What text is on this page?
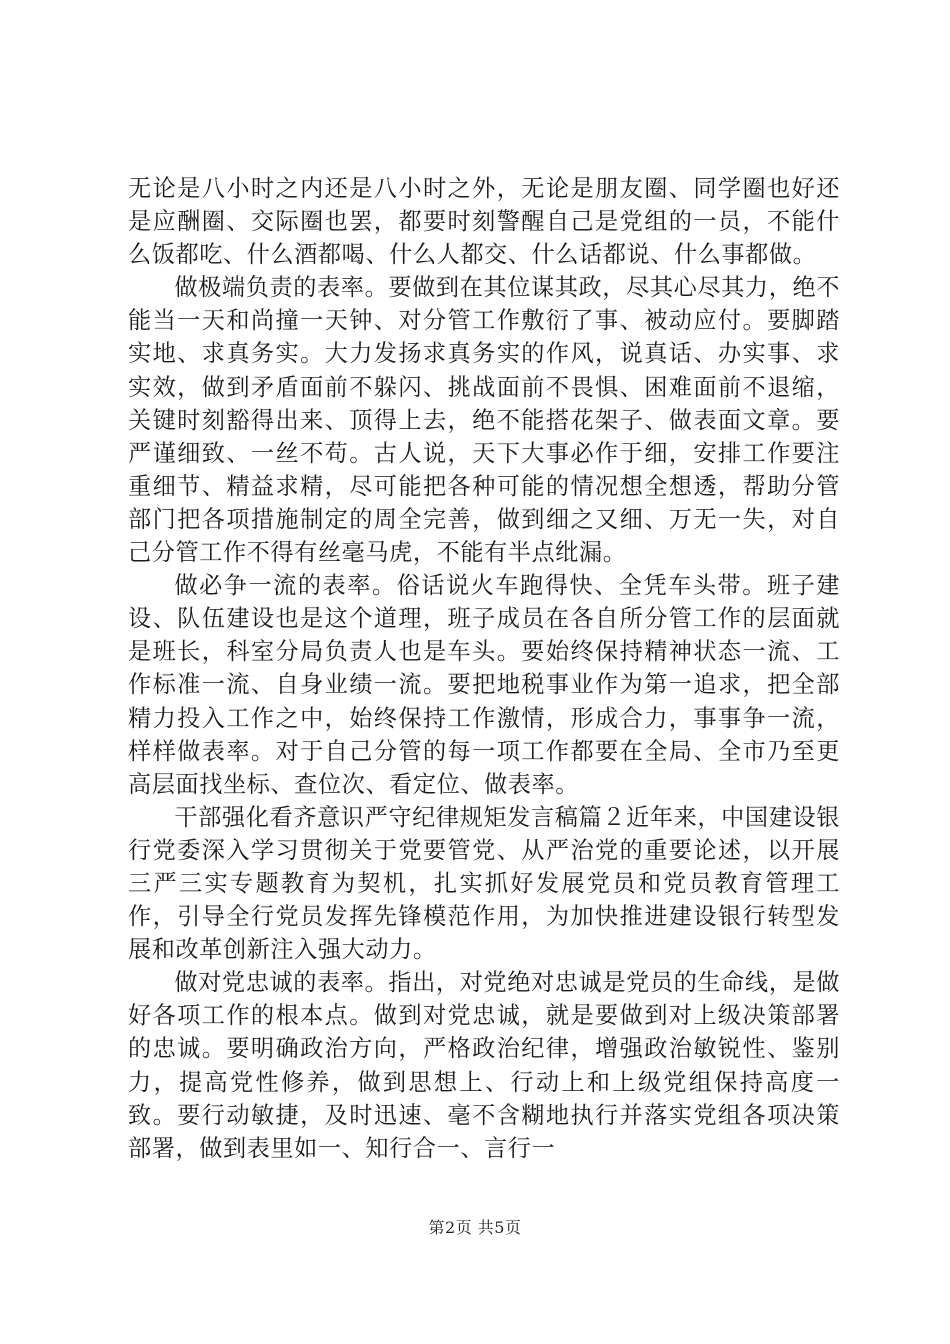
无论是八小时之内还是八小时之外，无论是朋友圈、同学圈也好还是应酬圈、交际圈也罢，都要时刻警醒自己是党组的一员，不能什么饭都吃、什么酒都喝、什么人都交、什么话都说、什么事都做。

做极端负责的表率。要做到在其位谋其政，尽其心尽其力，绝不能当一天和尚撞一天钟、对分管工作敷衍了事、被动应付。要脚踏实地、求真务实。大力发扬求真务实的作风，说真话、办实事、求实效，做到矛盾面前不躲闪、挑战面前不畏惧、困难面前不退缩，关键时刻豁得出来、顶得上去，绝不能搭花架子、做表面文章。要严谨细致、一丝不苟。古人说，天下大事必作于细，安排工作要注重细节、精益求精，尽可能把各种可能的情况想全想透，帮助分管部门把各项措施制定的周全完善，做到细之又细、万无一失，对自己分管工作不得有丝毫马虎，不能有半点纰漏。

做必争一流的表率。俗话说火车跑得快、全凭车头带。班子建设、队伍建设也是这个道理，班子成员在各自所分管工作的层面就是班长，科室分局负责人也是车头。要始终保持精神状态一流、工作标准一流、自身业绩一流。要把地税事业作为第一追求，把全部精力投入工作之中，始终保持工作激情，形成合力，事事争一流，样样做表率。对于自己分管的每一项工作都要在全局、全市乃至更高层面找坐标、查位次、看定位、做表率。

干部强化看齐意识严守纪律规矩发言稿篇２近年来，中国建设银行党委深入学习贯彻关于党要管党、从严治党的重要论述，以开展三严三实专题教育为契机，扎实抓好发展党员和党员教育管理工作，引导全行党员发挥先锋模范作用，为加快推进建设银行转型发展和改革创新注入强大动力。

做对党忠诚的表率。指出，对党绝对忠诚是党员的生命线，是做好各项工作的根本点。做到对党忠诚，就是要做到对上级决策部署的忠诚。要明确政治方向，严格政治纪律，增强政治敏锐性、鉴别力，提高党性修养，做到思想上、行动上和上级党组保持高度一致。要行动敏捷，及时迅速、毫不含糊地执行并落实党组各项决策部署，做到表里如一、知行合一、言行一

第2页 共5页
